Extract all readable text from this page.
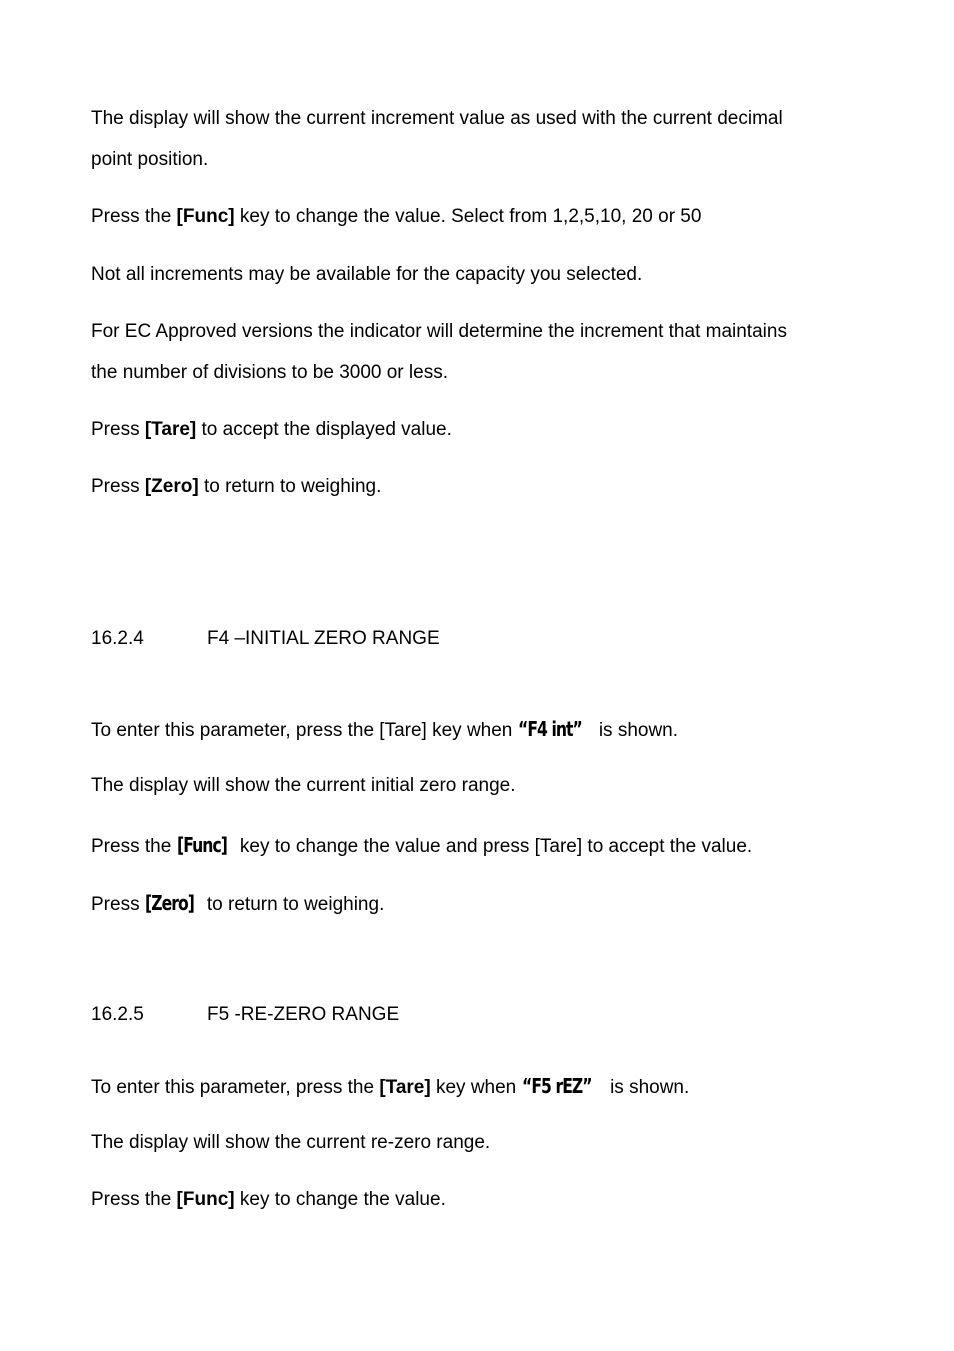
The display will show the current increment value as used with the current decimal

point position.

Press the [Func] key to change the value. Select from 1,2,5,10, 20 or 50

Not all increments may be available for the capacity you selected.

For EC Approved versions the indicator will determine the increment that maintains

the number of divisions to be 3000 or less.

Press [Tare] to accept the displayed value.

Press [Zero] to return to weighing.

16.2.4	F4 –INITIAL ZERO RANGE

To enter this parameter, press the [Tare] key when “F4 int” is shown.

The display will show the current initial zero range.

Press the [Func] key to change the value and press [Tare] to accept the value.

Press [Zero] to return to weighing.

16.2.5	F5 -RE-ZERO RANGE

To enter this parameter, press the [Tare] key when “F5 rEZ” is shown.

The display will show the current re-zero range.

Press the [Func] key to change the value.
